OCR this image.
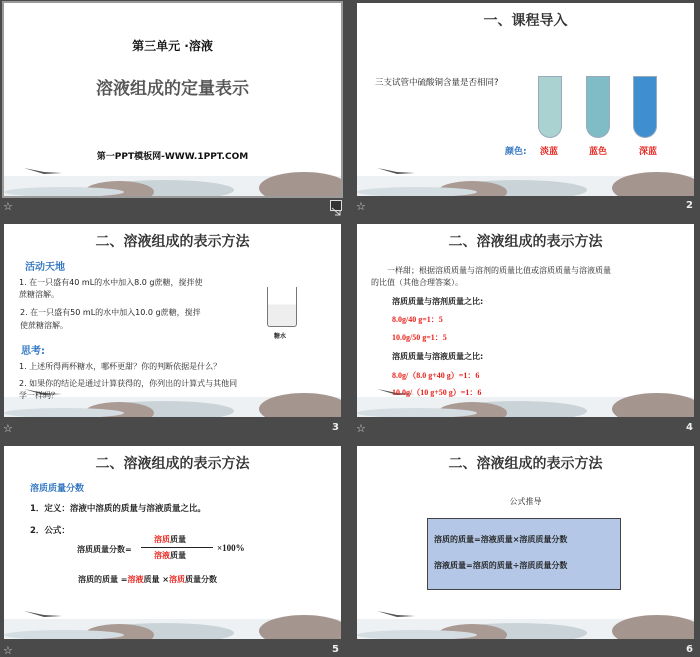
第三单元 ·溶液
溶液组成的定量表示
第一PPT模板网-WWW.1PPT.COM
☆
一、课程导入
三支试管中硫酸铜含量是否相同?
颜色: 淡蓝	蓝色	深蓝
☆	2
二、溶液组成的表示方法
活动天地
1. 在一只盛有40 mL的水中加入8.0 g蔗糖，搅拌使
蔗糖溶解。
2. 在一只盛有50 mL的水中加入10.0 g蔗糖，搅拌
使蔗糖溶解。
糖水
思考:
1. 上述所得两杯糖水，哪杯更甜？你的判断依据是什么？
2. 如果你的结论是通过计算获得的，你列出的计算式与其他同
学一样吗？
☆	3
二、溶液组成的表示方法
一样甜；根据溶质质量与溶剂的质量比值或溶质质量与溶液质量
的比值（其他合理答案）。
溶质质量与溶剂质量之比:
8.0g/40 g=1：5
10.0g/50 g=1：5
溶质质量与溶液质量之比:
8.0g/（8.0 g+40 g）=1：6
10.0g/（10 g+50 g）=1：6
☆	4
二、溶液组成的表示方法
溶质质量分数
1．定义：溶液中溶质的质量与溶液质量之比。
2．公式：
溶质质量分数=
溶质质量
溶液质量
×100%
溶质的质量 =溶液质量 ×溶质质量分数
☆	5
二、溶液组成的表示方法
公式推导
溶质的质量=溶液质量×溶质质量分数
溶液质量=溶质的质量÷溶质质量分数
6
